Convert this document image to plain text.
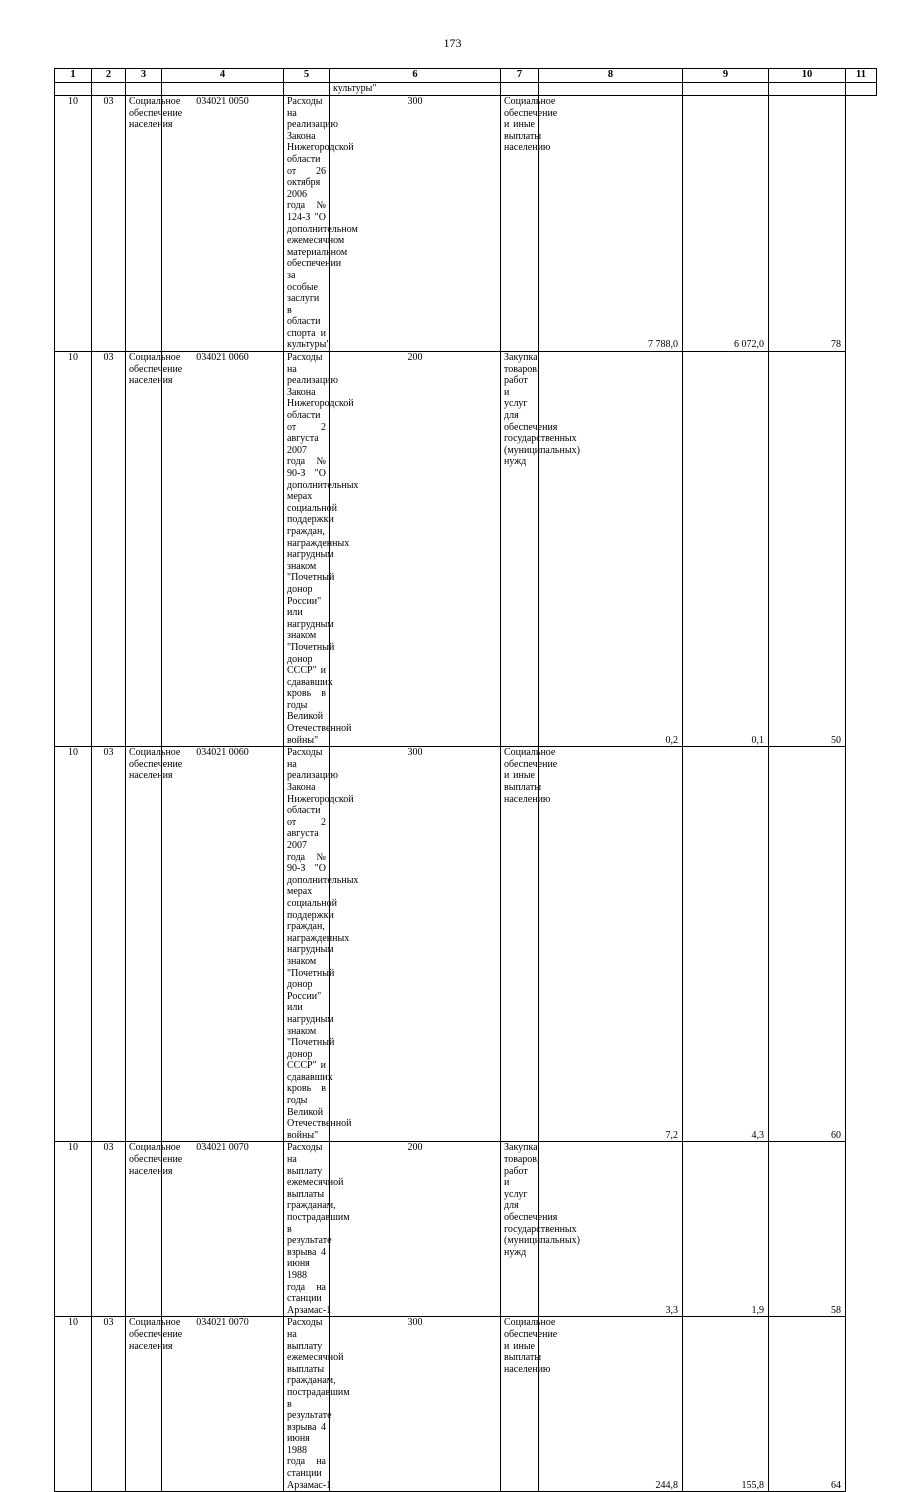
173
1	2	3	4	5	6	7	8	9	10	11
					культуры"					
10	03	Социальное обеспечение населения	034021 0050	Расходы на реализацию Закона Нижегородской области от 26 октября 2006 года № 124-З "О дополнительном ежемесячном материальном обеспечении за особые заслуги в области спорта и культуры"	300	Социальное обеспечение и иные выплаты населению	7 788,0	6 072,0	78	
10	03	Социальное обеспечение населения	034021 0060	Расходы на реализацию Закона Нижегородской области от 2 августа 2007 года № 90-З "О дополнительных мерах социальной поддержки граждан, награжденных нагрудным знаком "Почетный донор России" или нагрудным знаком "Почетный донор СССР" и сдававших кровь в годы Великой Отечественной войны"	200	Закупка товаров, работ и услуг для обеспечения государственных (муниципальных) нужд	0,2	0,1	50	
10	03	Социальное обеспечение населения	034021 0060	Расходы на реализацию Закона Нижегородской области от 2 августа 2007 года № 90-З "О дополнительных мерах социальной поддержки граждан, награжденных нагрудным знаком "Почетный донор России" или нагрудным знаком "Почетный донор СССР" и сдававших кровь в годы Великой Отечественной войны"	300	Социальное обеспечение и иные выплаты населению	7,2	4,3	60	
10	03	Социальное обеспечение населения	034021 0070	Расходы на выплату ежемесячной выплаты гражданам, пострадавшим в результате взрыва 4 июня 1988 года на станции Арзамас-1	200	Закупка товаров, работ и услуг для обеспечения государственных (муниципальных) нужд	3,3	1,9	58	
10	03	Социальное обеспечение населения	034021 0070	Расходы на выплату ежемесячной выплаты гражданам, пострадавшим в результате взрыва 4 июня 1988 года на станции Арзамас-1	300	Социальное обеспечение и иные выплаты населению	244,8	155,8	64	
